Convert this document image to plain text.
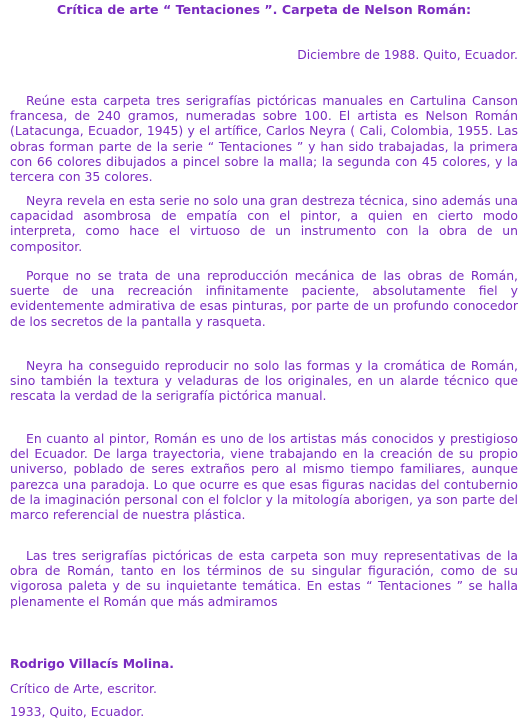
Crítica de arte “ Tentaciones ”. Carpeta de Nelson Román:
Diciembre de 1988. Quito, Ecuador.

Reúne esta carpeta tres serigrafías pictóricas manuales en Cartulina Canson francesa, de 240 gramos, numeradas sobre 100. El artista es Nelson Román (Latacunga, Ecuador, 1945) y el artífice, Carlos Neyra ( Cali, Colombia, 1955. Las obras forman parte de la serie “ Tentaciones ” y han sido trabajadas, la primera con 66 colores dibujados a pincel sobre la malla; la segunda con 45 colores, y la tercera con 35 colores.

Neyra revela en esta serie no solo una gran destreza técnica, sino además una capacidad asombrosa de empatía con el pintor, a quien en cierto modo interpreta, como hace el virtuoso de un instrumento con la obra de un compositor.

Porque no se trata de una reproducción mecánica de las obras de Román, suerte de una recreación infinitamente paciente, absolutamente fiel y evidentemente admirativa de esas pinturas, por parte de un profundo conocedor de los secretos de la pantalla y rasqueta.

Neyra ha conseguido reproducir no solo las formas y la cromática de Román, sino también la textura y veladuras de los originales, en un alarde técnico que rescata la verdad de la serigrafía pictórica manual.

En cuanto al pintor, Román es uno de los artistas más conocidos y prestigioso del Ecuador. De larga trayectoria, viene trabajando en la creación de su propio universo, poblado de seres extraños pero al mismo tiempo familiares, aunque parezca una paradoja. Lo que ocurre es que esas figuras nacidas del contubernio de la imaginación personal con el folclor y la mitología aborigen, ya son parte del marco referencial de nuestra plástica.

Las tres serigrafías pictóricas de esta carpeta son muy representativas de la obra de Román, tanto en los términos de su singular figuración, como de su vigorosa paleta y de su inquietante temática. En estas “ Tentaciones ” se halla plenamente el Román que más admiramos

Rodrigo Villacís Molina.
Crítico de Arte, escritor.
1933, Quito, Ecuador.
